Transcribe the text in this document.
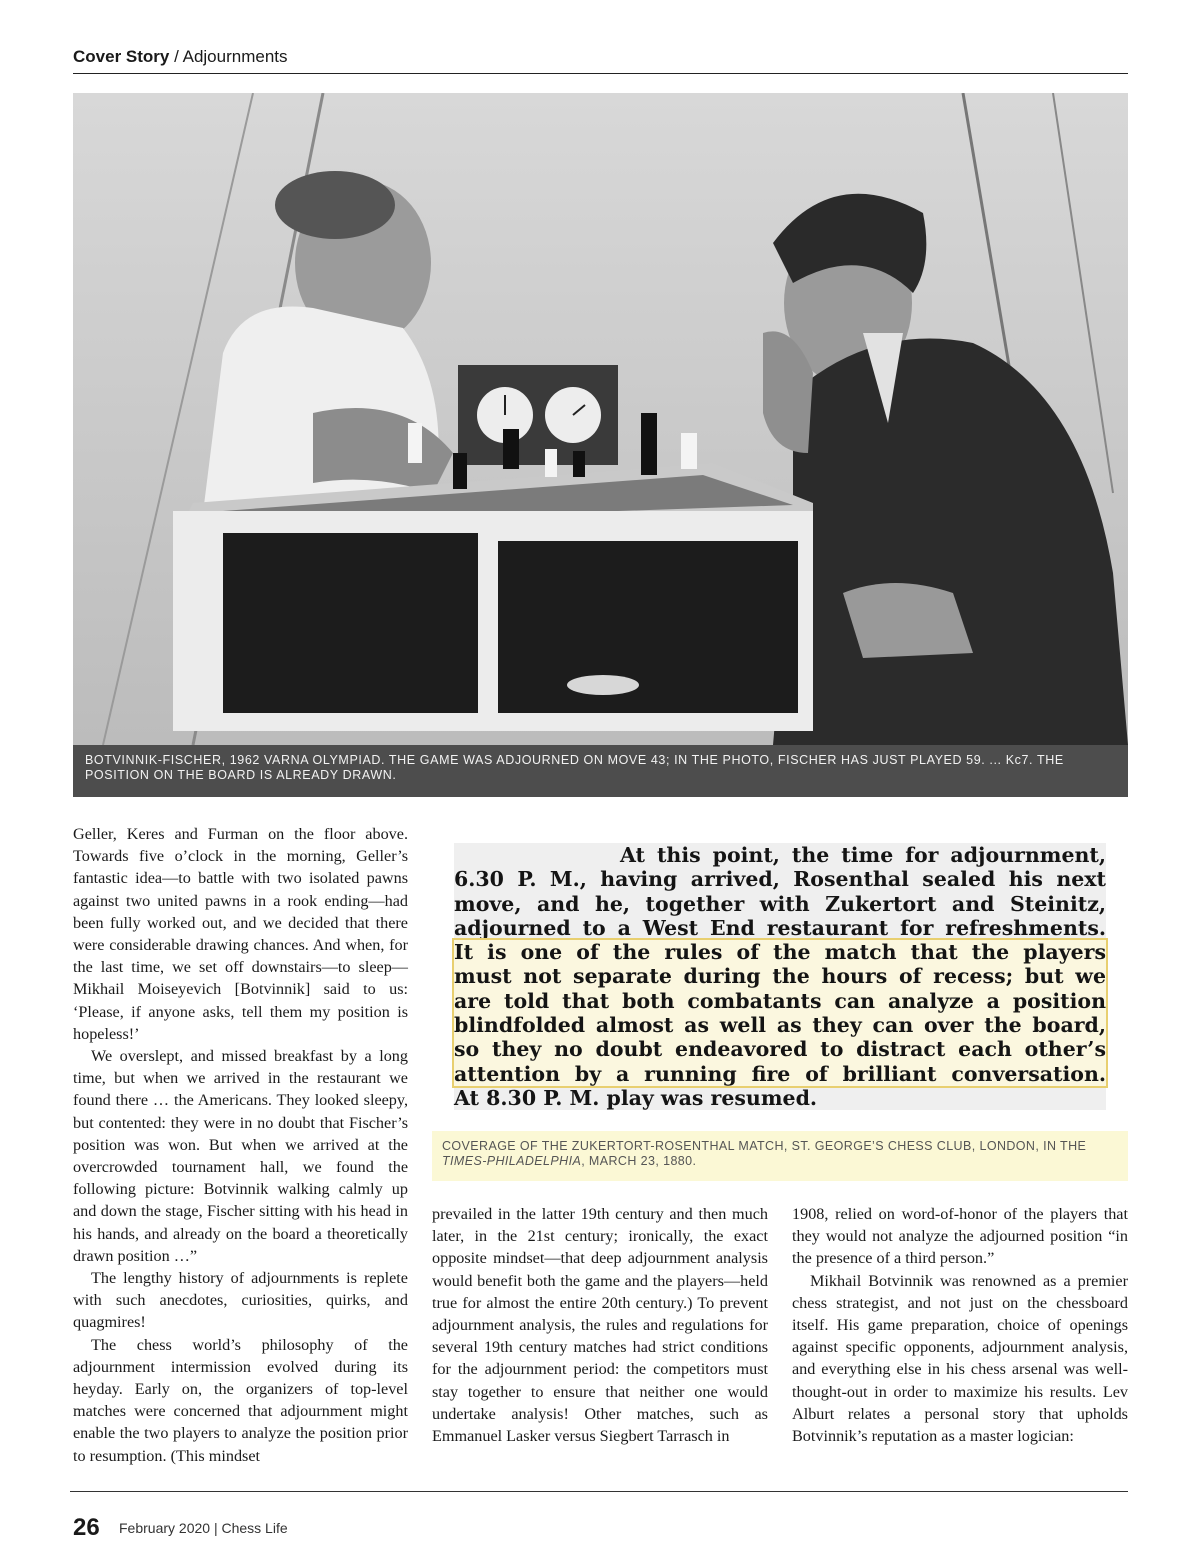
Cover Story / Adjournments
BOTVINNIK-FISCHER, 1962 VARNA OLYMPIAD. THE GAME WAS ADJOURNED ON MOVE 43; IN THE PHOTO, FISCHER HAS JUST PLAYED 59. ... Kc7. THE POSITION ON THE BOARD IS ALREADY DRAWN.

Geller, Keres and Furman on the floor above. Towards five o’clock in the morning, Geller’s fantastic idea—to battle with two isolated pawns against two united pawns in a rook ending—had been fully worked out, and we decided that there were considerable drawing chances. And when, for the last time, we set off downstairs—to sleep—Mikhail Moiseyevich [Botvinnik] said to us: ‘Please, if anyone asks, tell them my position is hopeless!’

We overslept, and missed breakfast by a long time, but when we arrived in the restaurant we found there … the Americans. They looked sleepy, but contented: they were in no doubt that Fischer’s position was won. But when we arrived at the overcrowded tournament hall, we found the following picture: Botvinnik walking calmly up and down the stage, Fischer sitting with his head in his hands, and already on the board a theoretically drawn position …”

The lengthy history of adjournments is replete with such anecdotes, curiosities, quirks, and quagmires!

The chess world’s philosophy of the adjournment intermission evolved during its heyday. Early on, the organizers of top-level matches were concerned that adjournment might enable the two players to analyze the position prior to resumption. (This mindset

At this point, the time for adjournment,
6.30 P. M., having arrived, Rosenthal sealed his next
move, and he, together with Zukertort and Steinitz,
adjourned to a West End restaurant for refreshments.
It is one of the rules of the match that the players
must not separate during the hours of recess; but we
are told that both combatants can analyze a position
blindfolded almost as well as they can over the board,
so they no doubt endeavored to distract each other’s
attention by a running fire of brilliant conversation.
At 8.30 P. M. play was resumed.
COVERAGE OF THE ZUKERTORT-ROSENTHAL MATCH, ST. GEORGE’S CHESS CLUB, LONDON, IN THE TIMES-PHILADELPHIA, MARCH 23, 1880.

prevailed in the latter 19th century and then much later, in the 21st century; ironically, the exact opposite mindset—that deep adjournment analysis would benefit both the game and the players—held true for almost the entire 20th century.) To prevent adjournment analysis, the rules and regulations for several 19th century matches had strict conditions for the adjournment period: the competitors must stay together to ensure that neither one would undertake analysis! Other matches, such as Emmanuel Lasker versus Siegbert Tarrasch in

1908, relied on word-of-honor of the players that they would not analyze the adjourned position “in the presence of a third person.”

Mikhail Botvinnik was renowned as a premier chess strategist, and not just on the chessboard itself. His game preparation, choice of openings against specific opponents, adjournment analysis, and everything else in his chess arsenal was well-thought-out in order to maximize his results. Lev Alburt relates a personal story that upholds Botvinnik’s reputation as a master logician:

26 February 2020 | Chess Life
